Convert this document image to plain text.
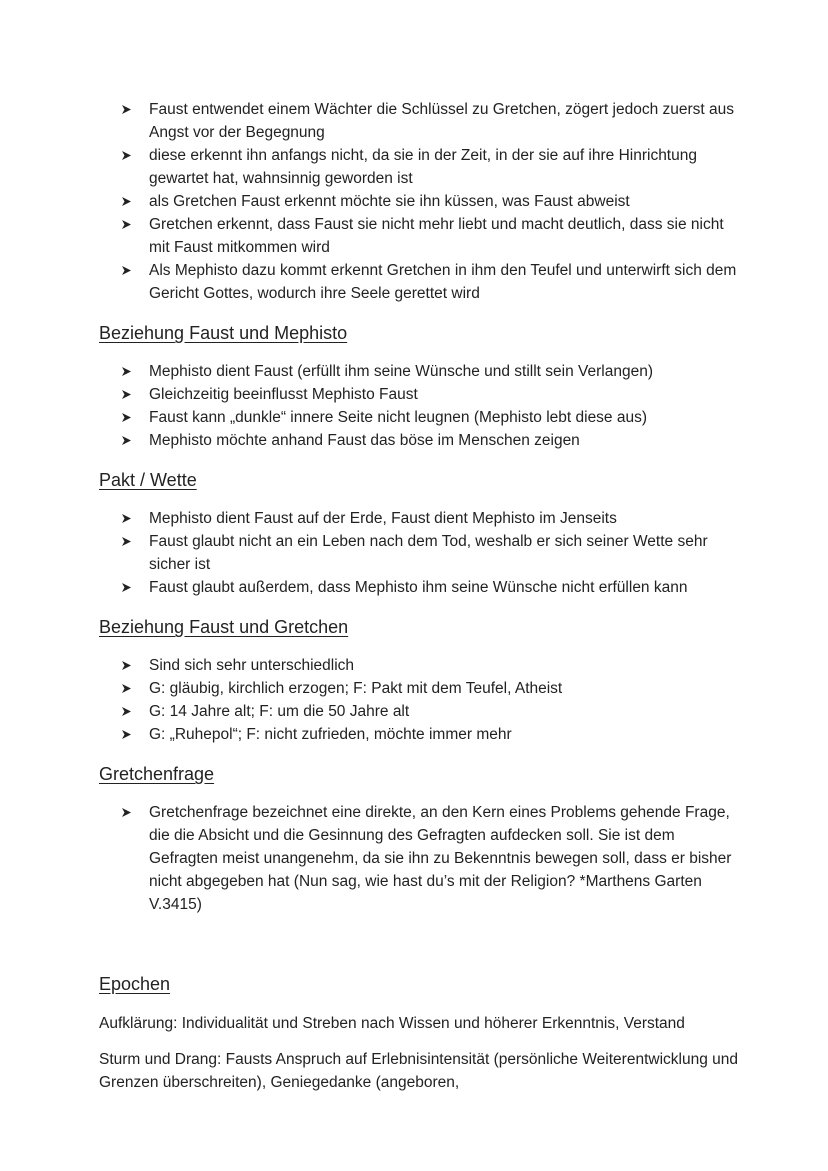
Faust entwendet einem Wächter die Schlüssel zu Gretchen, zögert jedoch zuerst aus Angst vor der Begegnung
diese erkennt ihn anfangs nicht, da sie in der Zeit, in der sie auf ihre Hinrichtung gewartet hat, wahnsinnig geworden ist
als Gretchen Faust erkennt möchte sie ihn küssen, was Faust abweist
Gretchen erkennt, dass Faust sie nicht mehr liebt und macht deutlich, dass sie nicht mit Faust mitkommen wird
Als Mephisto dazu kommt erkennt Gretchen in ihm den Teufel und unterwirft sich dem Gericht Gottes, wodurch ihre Seele gerettet wird
Beziehung Faust und Mephisto
Mephisto dient Faust (erfüllt ihm seine Wünsche und stillt sein Verlangen)
Gleichzeitig beeinflusst Mephisto Faust
Faust kann „dunkle“ innere Seite nicht leugnen (Mephisto lebt diese aus)
Mephisto möchte anhand Faust das böse im Menschen zeigen
Pakt / Wette
Mephisto dient Faust auf der Erde, Faust dient Mephisto im Jenseits
Faust glaubt nicht an ein Leben nach dem Tod, weshalb er sich seiner Wette sehr sicher ist
Faust glaubt außerdem, dass Mephisto ihm seine Wünsche nicht erfüllen kann
Beziehung Faust und Gretchen
Sind sich sehr unterschiedlich
G: gläubig, kirchlich erzogen; F: Pakt mit dem Teufel, Atheist
G: 14 Jahre alt; F: um die 50 Jahre alt
G: „Ruhepol“; F: nicht zufrieden, möchte immer mehr
Gretchenfrage
Gretchenfrage bezeichnet eine direkte, an den Kern eines Problems gehende Frage, die die Absicht und die Gesinnung des Gefragten aufdecken soll. Sie ist dem Gefragten meist unangenehm, da sie ihn zu Bekenntnis bewegen soll, dass er bisher nicht abgegeben hat (Nun sag, wie hast du’s mit der Religion? *Marthens Garten V.3415)
Epochen

Aufklärung: Individualität und Streben nach Wissen und höherer Erkenntnis, Verstand

Sturm und Drang: Fausts Anspruch auf Erlebnisintensität (persönliche Weiterentwicklung und Grenzen überschreiten), Geniegedanke (angeboren,
